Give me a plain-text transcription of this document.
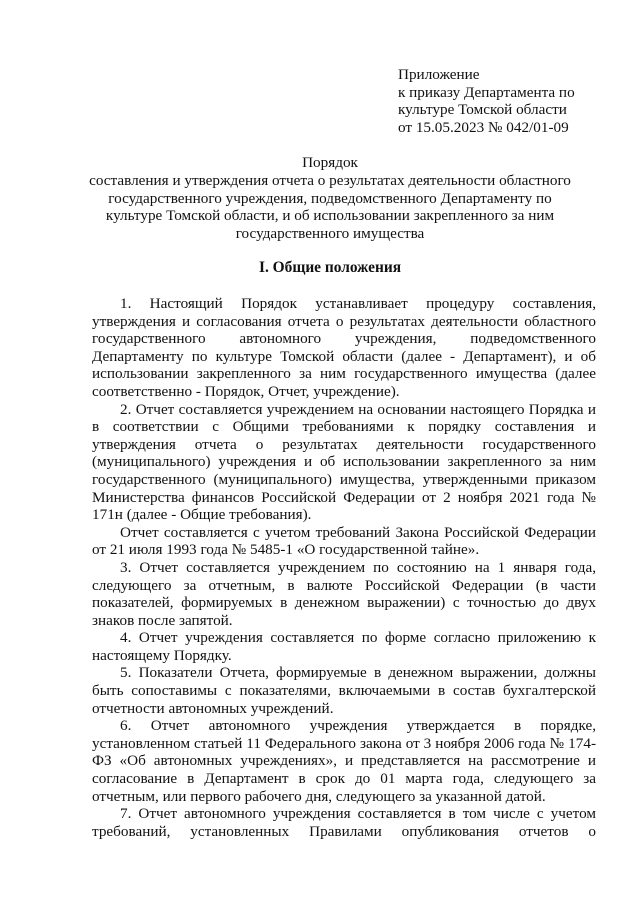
Приложение
к приказу Департамента по
культуре Томской области
от 15.05.2023 № 042/01-09
Порядок
составления и утверждения отчета о результатах деятельности областного
государственного учреждения, подведомственного Департаменту по
культуре Томской области, и об использовании закрепленного за ним
государственного имущества
I. Общие положения

1. Настоящий Порядок устанавливает процедуру составления, утверждения и согласования отчета о результатах деятельности областного государственного автономного учреждения, подведомственного Департаменту по культуре Томской области (далее - Департамент), и об использовании закрепленного за ним государственного имущества (далее соответственно - Порядок, Отчет, учреждение).

2. Отчет составляется учреждением на основании настоящего Порядка и в соответствии с Общими требованиями к порядку составления и утверждения отчета о результатах деятельности государственного (муниципального) учреждения и об использовании закрепленного за ним государственного (муниципального) имущества, утвержденными приказом Министерства финансов Российской Федерации от 2 ноября 2021 года № 171н (далее - Общие требования).

Отчет составляется с учетом требований Закона Российской Федерации от 21 июля 1993 года № 5485-1 «О государственной тайне».

3. Отчет составляется учреждением по состоянию на 1 января года, следующего за отчетным, в валюте Российской Федерации (в части показателей, формируемых в денежном выражении) с точностью до двух знаков после запятой.

4. Отчет учреждения составляется по форме согласно приложению к настоящему Порядку.

5. Показатели Отчета, формируемые в денежном выражении, должны быть сопоставимы с показателями, включаемыми в состав бухгалтерской отчетности автономных учреждений.

6. Отчет автономного учреждения утверждается в порядке, установленном статьей 11 Федерального закона от 3 ноября 2006 года № 174-ФЗ «Об автономных учреждениях», и представляется на рассмотрение и согласование в Департамент в срок до 01 марта года, следующего за отчетным, или первого рабочего дня, следующего за указанной датой.

7. Отчет автономного учреждения составляется в том числе с учетом требований, установленных Правилами опубликования отчетов о
